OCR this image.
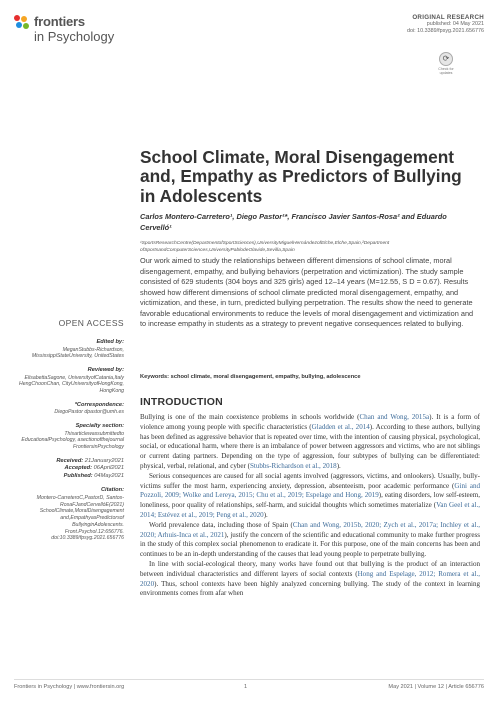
frontiers
in Psychology
ORIGINAL RESEARCH
published: 04 May 2021
doi: 10.3389/fpsyg.2021.656776
⟳
Check for updates
School Climate, Moral Disengagement and, Empathy as Predictors of Bullying in Adolescents
Carlos Montero-Carretero¹, Diego Pastor¹*, Francisco Javier Santos-Rosa² and Eduardo Cervelló¹
¹SportsResearchCentre(DepartmentofSportSciences),UniversityMiguelHernándezofElche,Elche,Spain,²Department ofSportsandComputerSciences,UniversityPablodeOlavide,Sevilla,Spain
Our work aimed to study the relationships between different dimensions of school climate, moral disengagement, empathy, and bullying behaviors (perpetration and victimization). The study sample consisted of 629 students (304 boys and 325 girls) aged 12–14 years (M=12.55, S D = 0.67). Results showed how different dimensions of school climate predicted moral disengagement, empathy, and victimization, and these, in turn, predicted bullying perpetration. The results show the need to generate favorable educational environments to reduce the levels of moral disengagement and victimization and to increase empathy in students as a strategy to prevent negative consequences related to bullying.
Keywords: school climate, moral disengagement, empathy, bullying, adolescence
INTRODUCTION

Bullying is one of the main coexistence problems in schools worldwide (Chan and Wong, 2015a). It is a form of violence among young people with specific characteristics (Gladden et al., 2014). According to these authors, bullying has been defined as aggressive behavior that is repeated over time, with the intention of causing physical, psychological, social, or educational harm, where there is an imbalance of power between aggressors and victims, who are not siblings or current dating partners. Depending on the type of aggression, four subtypes of bullying can be differentiated: physical, verbal, relational, and cyber (Stubbs-Richardson et al., 2018).

Serious consequences are caused for all social agents involved (aggressors, victims, and onlookers). Usually, bully-victims suffer the most harm, experiencing anxiety, depression, absenteeism, poor academic performance (Gini and Pozzoli, 2009; Wolke and Lereya, 2015; Chu et al., 2019; Espelage and Hong, 2019), eating disorders, low self-esteem, loneliness, poor quality of relationships, self-harm, and suicidal thoughts which sometimes materialize (Van Geel et al., 2014; Estévez et al., 2019; Peng et al., 2020).

World prevalence data, including those of Spain (Chan and Wong, 2015b, 2020; Zych et al., 2017a; Inchley et al., 2020; Arhuis-Inca et al., 2021), justify the concern of the scientific and educational community to make further progress in the study of this complex social phenomenon to eradicate it. For this purpose, one of the main concerns has been and continues to be an in-depth understanding of the causes that lead young people to perpetrate bullying.

In line with social-ecological theory, many works have found out that bullying is the product of an interaction between individual characteristics and different layers of social contexts (Hong and Espelage, 2012; Romera et al., 2020). Thus, school contexts have been highly analyzed concerning bullying. The study of the context in learning environments comes from afar when

OPEN ACCESS
Edited by:
MeganStubbs-Richardson, MississippiStateUniversity, UnitedStates
Reviewed by:
ElisabettaSagone, UniversityofCatania,Italy HengChoonChan, CityUniversityofHongKong, HongKong
*Correspondence:
DiegoPastor dpastor@umh.es
Specialty section:
Thisarticlewassubmittedto EducationalPsychology, asectionofthejournal FrontiersinPsychology
Received: 21January2021
Accepted: 06April2021
Published: 04May2021
Citation:
Montero-CarreteroC,PastorD, Santos-RosaFJandCervellóE(2021) SchoolClimate,MoralDisengagement and,EmpathyasPredictorsof BullyinginAdolescents. Front.Psychol.12:656776. doi:10.3389/fpsyg.2021.656776
Frontiers in Psychology | www.frontiersin.org	1	May 2021 | Volume 12 | Article 656776
